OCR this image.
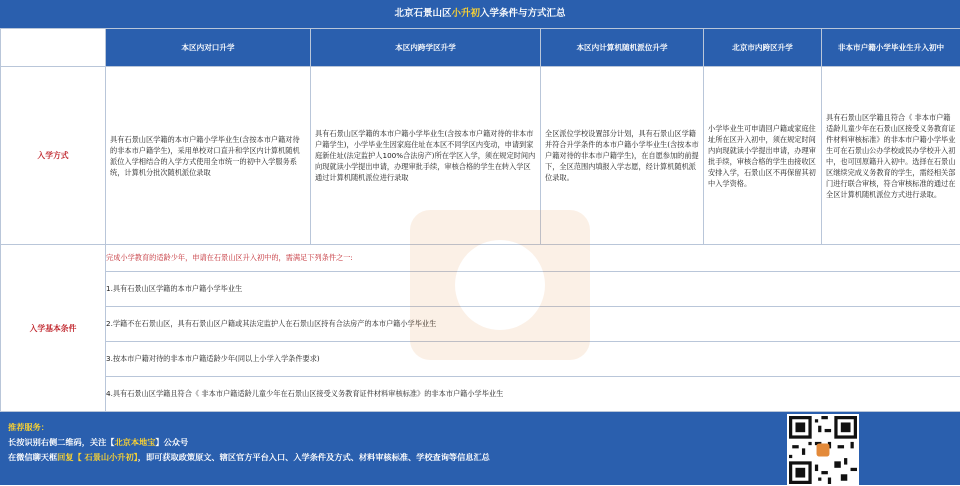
北京石景山区小升初入学条件与方式汇总
	本区内对口升学	本区内跨学区升学	本区内计算机随机派位升学	北京市内跨区升学	非本市户籍小学毕业生升入初中
入学方式	具有石景山区学籍的本市户籍小学毕业生(含按本市户籍对待的非本市户籍学生)，采用单校对口直升和学区内计算机随机派位入学相结合的入学方式使用全市统一的初中入学服务系统，计算机分批次随机派位录取	具有石景山区学籍的本市户籍小学毕业生(含按本市户籍对待的非本市户籍学生)，小学毕业生因家庭住址在本区不同学区内变动，申请到家庭新住址(法定监护人100%合法房产)所在学区入学，须在规定时间内向现就读小学提出申请，办理审批手续，审核合格的学生在转入学区通过计算机随机派位进行录取	全区派位学校设置部分计划，具有石景山区学籍并符合升学条件的本市户籍小学毕业生(含按本市户籍对待的非本市户籍学生)，在自愿参加的前提下，全区范围内填报入学志愿，经计算机随机派位录取。	小学毕业生可申请回户籍或家庭住址所在区升入初中，须在规定时间内向现就读小学提出申请，办理审批手续，审核合格的学生由接收区安排入学，石景山区不再保留其初中入学资格。	具有石景山区学籍且符合《 非本市户籍适龄儿童少年在石景山区接受义务教育证件材料审核标准》的非本市户籍小学毕业生可在石景山公办学校或民办学校升入初中，也可回原籍升入初中。选择在石景山区继续完成义务教育的学生，需经相关部门进行联合审核，符合审核标准的通过在全区计算机随机派位方式进行录取。

入学基本条件	完成小学教育的适龄少年，申请在石景山区升入初中的，需满足下列条件之一:				
	1.具有石景山区学籍的本市户籍小学毕业生				
	2.学籍不在石景山区，具有石景山区户籍或其法定监护人在石景山区持有合法房产的本市户籍小学毕业生				
	3.按本市户籍对待的非本市户籍适龄少年(同以上小学入学条件要求)				
	4.具有石景山区学籍且符合《 非本市户籍适龄儿童少年在石景山区接受义务教育证件材料审核标准》的非本市户籍小学毕业生				
推荐服务：
长按识别右侧二维码，关注【北京本地宝】公众号
在微信聊天框回复【 石景山小升初】，即可获取政策原文、辖区官方平台入口、入学条件及方式、材料审核标准、学校查询等信息汇总
